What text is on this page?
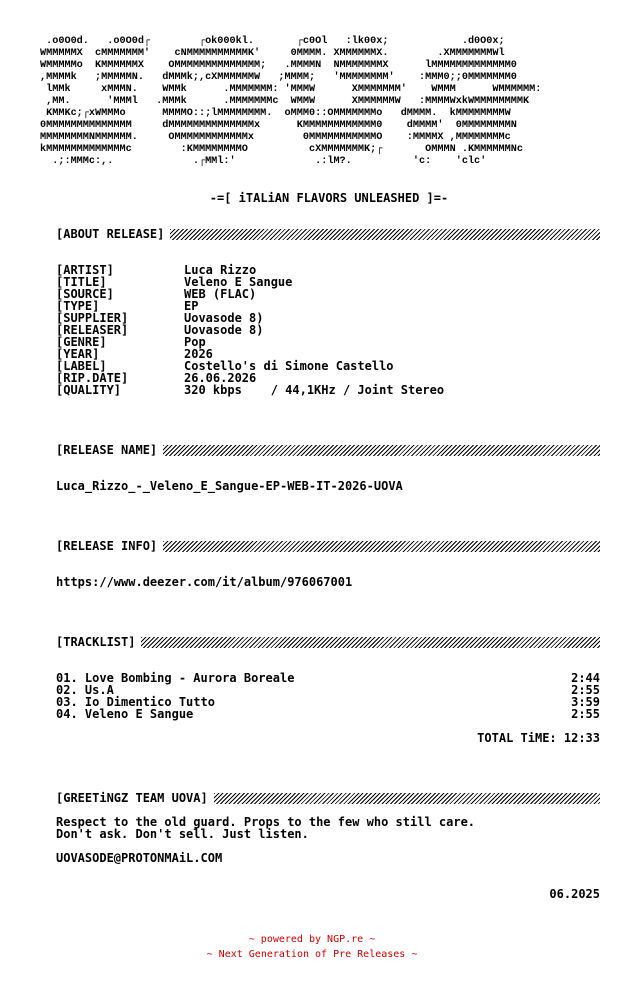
.o0O0d.   .o0O0d┌        ┌ok000kl.       ┌c0Ol   :lk00x;            .d0O0x;
WMMMMMX  cMMMMMMM'    cNMMMMMMMMMMK'     0MMMM. XMMMMMMX.        .XMMMMMMMWl
WMMMMMo  KMMMMMMX    OMMMMMMMMMMMMMM;   .MMMMN  NMMMMMMMX      lMMMMMMMMMMMMM0
,MMMMk   ;MMMMMN.   dMMMk;,cXMMMMMMW   ;MMMM;   'MMMMMMMM'    :MMM0;;0MMMMMMM0
lMMk     xMMMN.    WMMk      .MMMMMMM: 'MMMW      XMMMMMMM'    WMMM      WMMMMMM:
,MM.      'MMMl   .MMMk      .MMMMMMMc  WMMW      XMMMMMMW   :MMMMWxkWMMMMMMMMK
KMMKc;┌xWMMMo      MMMMO::;lMMMMMMMM.  oMMM0::OMMMMMMMo   dMMMM.  kMMMMMMMMW
0MMMMMMMMMMMMMM     dMMMMMMMMMMMMMMx      KMMMMMMMMMMMM0    dMMMM'  0MMMMMMMMN
MMMMMMMMNMMMMMM.     OMMMMMMMMMMMMx        0MMMMMMMMMMMO    :MMMMX ,MMMMMMMMc
kMMMMMMMMMMMMMc        :KMMMMMMMMO          cXMMMMMMMK;┌       OMMMN .KMMMMMMNc
.;:MMMc:,.             .┌MMl:'             .:lM?.          'c:    'clc'
-=[ iTALiAN FLAVORS UNLEASHED ]=-
[ABOUT RELEASE]
[ARTIST]	Luca Rizzo
[TITLE]	Veleno E Sangue
[SOURCE]	WEB (FLAC)
[TYPE]	EP
[SUPPLIER]	Uovasode 8)
[RELEASER]	Uovasode 8)
[GENRE]	Pop
[YEAR]	2026
[LABEL]	Costello's di Simone Castello
[RIP.DATE]	26.06.2026
[QUALITY]	320 kbps    / 44,1KHz / Joint Stereo
[RELEASE NAME]
Luca_Rizzo_-_Veleno_E_Sangue-EP-WEB-IT-2026-UOVA
[RELEASE INFO]
https://www.deezer.com/it/album/976067001
[TRACKLIST]
01. Love Bombing - Aurora Boreale	2:44
02. Us.A	2:55
03. Io Dimentico Tutto	3:59
04. Veleno E Sangue	2:55
TOTAL TiME: 12:33
[GREETiNGZ TEAM UOVA]
Respect to the old guard. Props to the few who still care.
Don't ask. Don't sell. Just listen.
UOVASODE@PROTONMAiL.COM
06.2025
~ powered by NGP.re ~
~ Next Generation of Pre Releases ~
